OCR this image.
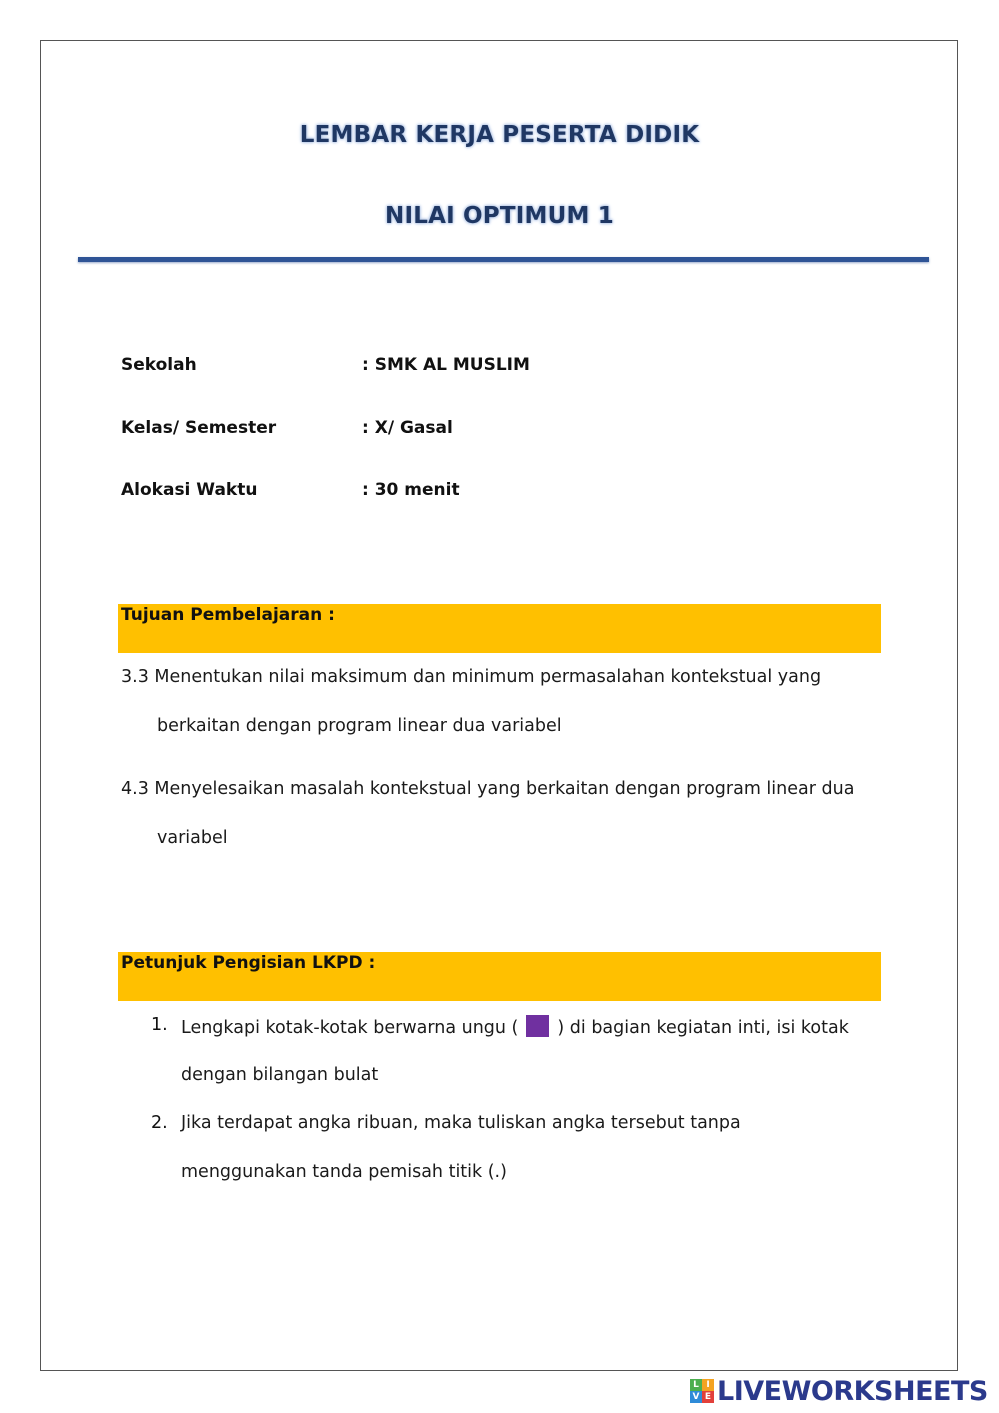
LEMBAR KERJA PESERTA DIDIK
NILAI OPTIMUM 1
Sekolah	: SMK AL MUSLIM
Kelas/ Semester	: X/ Gasal
Alokasi Waktu	: 30 menit
Tujuan Pembelajaran :
3.3 Menentukan nilai maksimum dan minimum permasalahan kontekstual yang
berkaitan dengan program linear dua variabel
4.3 Menyelesaikan masalah kontekstual yang berkaitan dengan program linear dua
variabel
Petunjuk Pengisian LKPD :
1. Lengkapi kotak-kotak berwarna ungu ( ) di bagian kegiatan inti, isi kotak
dengan bilangan bulat
2. Jika terdapat angka ribuan, maka tuliskan angka tersebut tanpa
menggunakan tanda pemisah titik (.)
L I
V E LIVEWORKSHEETS
